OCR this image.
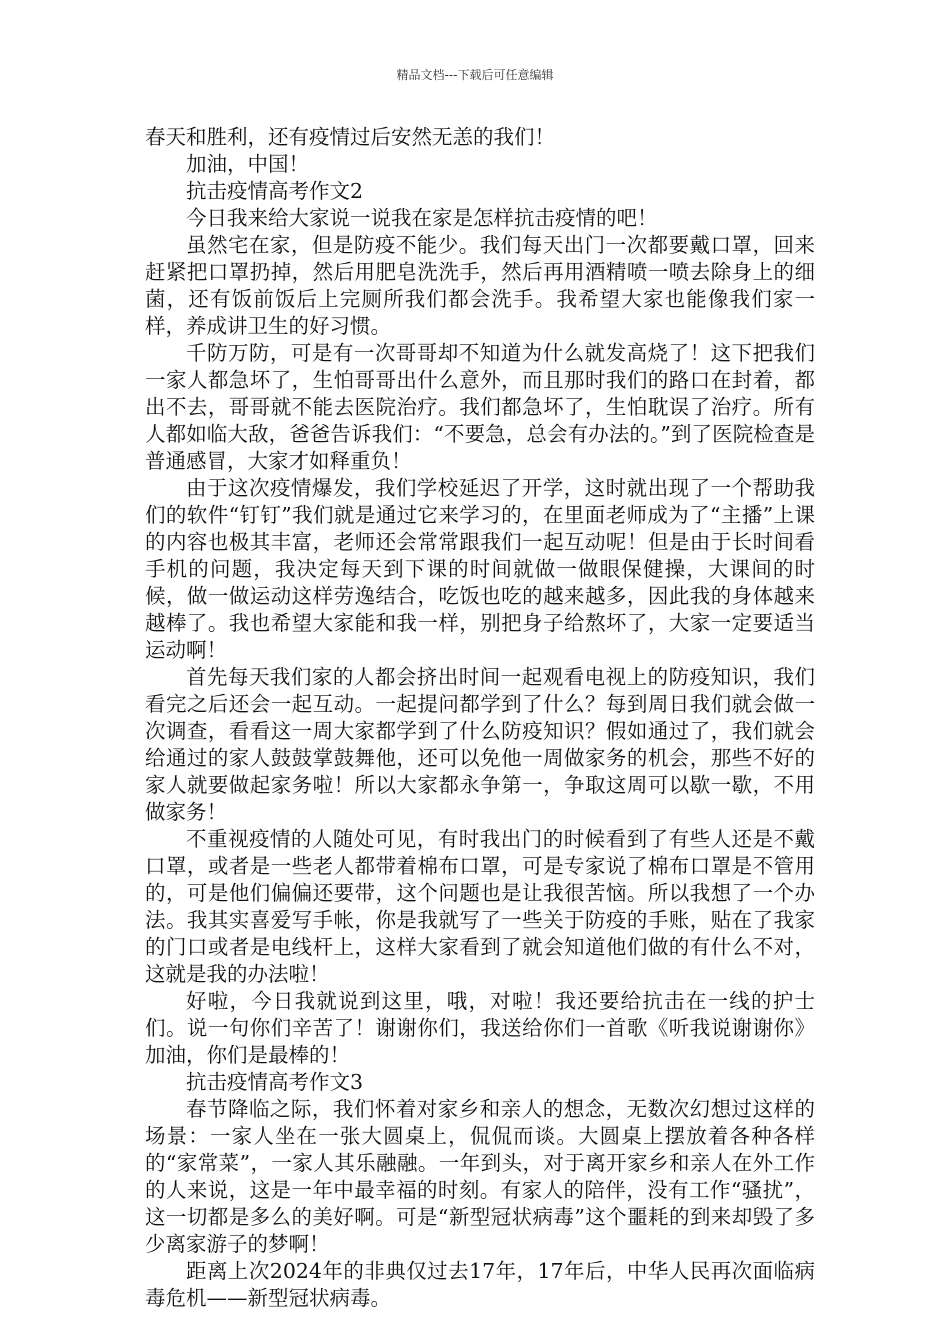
精品文档---下载后可任意编辑

春天和胜利，还有疫情过后安然无恙的我们！

加油，中国！

抗击疫情高考作文2

今日我来给大家说一说我在家是怎样抗击疫情的吧！

虽然宅在家，但是防疫不能少。我们每天出门一次都要戴口罩，回来赶紧把口罩扔掉，然后用肥皂洗洗手，然后再用酒精喷一喷去除身上的细菌，还有饭前饭后上完厕所我们都会洗手。我希望大家也能像我们家一样，养成讲卫生的好习惯。

千防万防，可是有一次哥哥却不知道为什么就发高烧了！这下把我们一家人都急坏了，生怕哥哥出什么意外，而且那时我们的路口在封着，都出不去，哥哥就不能去医院治疗。我们都急坏了，生怕耽误了治疗。所有人都如临大敌，爸爸告诉我们：“不要急，总会有办法的。”到了医院检查是普通感冒，大家才如释重负！

由于这次疫情爆发，我们学校延迟了开学，这时就出现了一个帮助我们的软件“钉钉”我们就是通过它来学习的，在里面老师成为了“主播”上课的内容也极其丰富，老师还会常常跟我们一起互动呢！但是由于长时间看手机的问题，我决定每天到下课的时间就做一做眼保健操，大课间的时候，做一做运动这样劳逸结合，吃饭也吃的越来越多，因此我的身体越来越棒了。我也希望大家能和我一样，别把身子给熬坏了，大家一定要适当运动啊！

首先每天我们家的人都会挤出时间一起观看电视上的防疫知识，我们看完之后还会一起互动。一起提问都学到了什么？每到周日我们就会做一次调查，看看这一周大家都学到了什么防疫知识？假如通过了，我们就会给通过的家人鼓鼓掌鼓舞他，还可以免他一周做家务的机会，那些不好的家人就要做起家务啦！所以大家都永争第一，争取这周可以歇一歇，不用做家务！

不重视疫情的人随处可见，有时我出门的时候看到了有些人还是不戴口罩，或者是一些老人都带着棉布口罩，可是专家说了棉布口罩是不管用的，可是他们偏偏还要带，这个问题也是让我很苦恼。所以我想了一个办法。我其实喜爱写手帐，你是我就写了一些关于防疫的手账，贴在了我家的门口或者是电线杆上，这样大家看到了就会知道他们做的有什么不对，这就是我的办法啦！

好啦，今日我就说到这里，哦，对啦！我还要给抗击在一线的护士们。说一句你们辛苦了！谢谢你们，我送给你们一首歌《听我说谢谢你》加油，你们是最棒的！

抗击疫情高考作文3

春节降临之际，我们怀着对家乡和亲人的想念，无数次幻想过这样的场景：一家人坐在一张大圆桌上，侃侃而谈。大圆桌上摆放着各种各样的“家常菜”，一家人其乐融融。一年到头，对于离开家乡和亲人在外工作的人来说，这是一年中最幸福的时刻。有家人的陪伴，没有工作“骚扰”，这一切都是多么的美好啊。可是“新型冠状病毒”这个噩耗的到来却毁了多少离家游子的梦啊！

距离上次2024年的非典仅过去17年，17年后，中华人民再次面临病毒危机——新型冠状病毒。
